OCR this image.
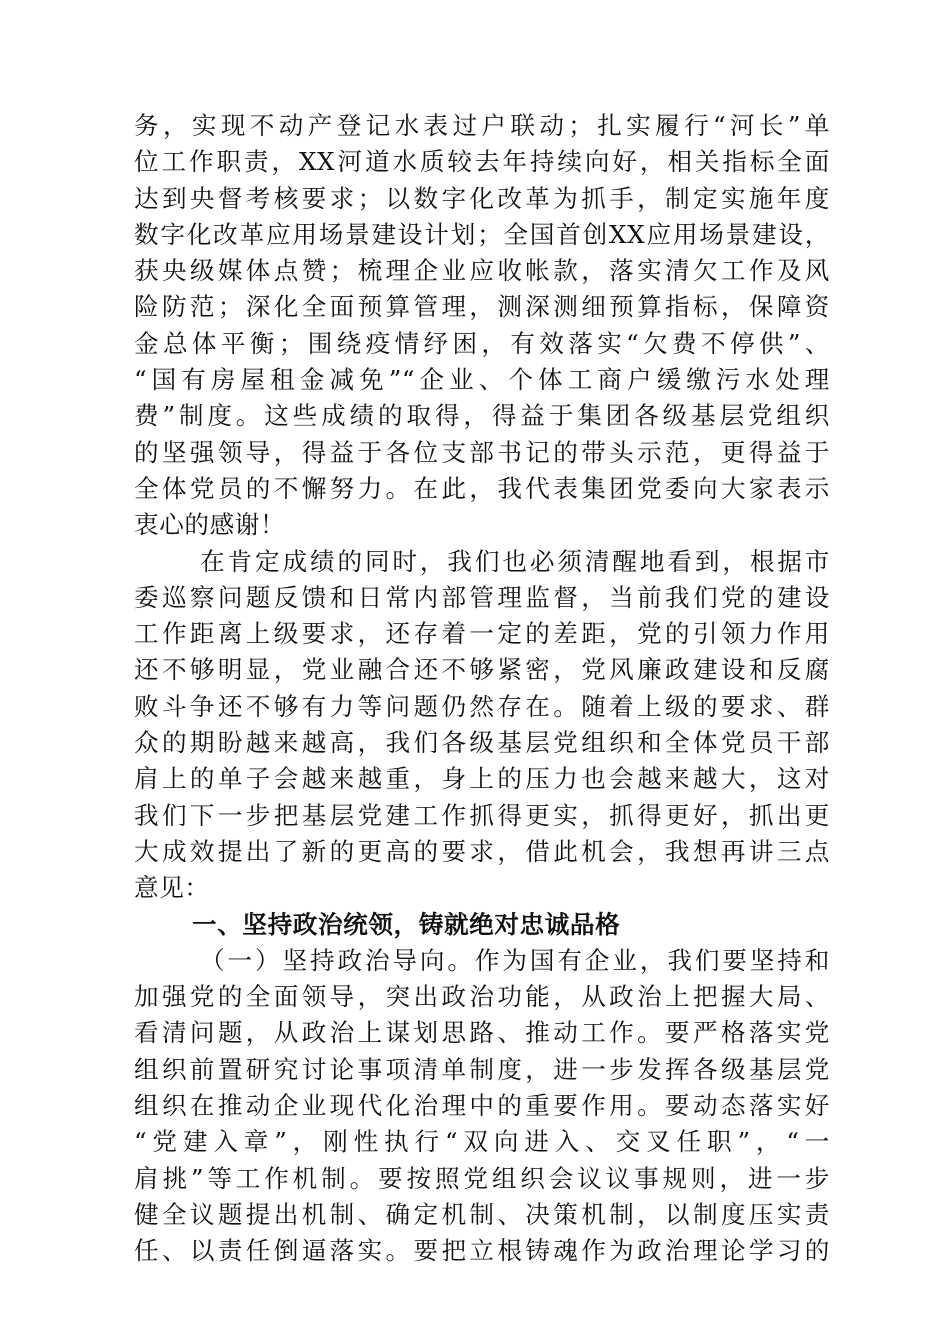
务，实现不动产登记水表过户联动；扎实履行“河长”单
位工作职责，XX河道水质较去年持续向好，相关指标全面
达到央督考核要求；以数字化改革为抓手，制定实施年度
数字化改革应用场景建设计划；全国首创XX应用场景建设，
获央级媒体点赞；梳理企业应收帐款，落实清欠工作及风
险防范；深化全面预算管理，测深测细预算指标，保障资
金总体平衡；围绕疫情纾困，有效落实“欠费不停供”、
“国有房屋租金减免”“企业、个体工商户缓缴污水处理
费”制度。这些成绩的取得，得益于集团各级基层党组织
的坚强领导，得益于各位支部书记的带头示范，更得益于
全体党员的不懈努力。在此，我代表集团党委向大家表示
衷心的感谢！
在肯定成绩的同时，我们也必须清醒地看到，根据市
委巡察问题反馈和日常内部管理监督，当前我们党的建设
工作距离上级要求，还存着一定的差距，党的引领力作用
还不够明显，党业融合还不够紧密，党风廉政建设和反腐
败斗争还不够有力等问题仍然存在。随着上级的要求、群
众的期盼越来越高，我们各级基层党组织和全体党员干部
肩上的单子会越来越重，身上的压力也会越来越大，这对
我们下一步把基层党建工作抓得更实，抓得更好，抓出更
大成效提出了新的更高的要求，借此机会，我想再讲三点
意见：
一、坚持政治统领，铸就绝对忠诚品格
（一）坚持政治导向。作为国有企业，我们要坚持和
加强党的全面领导，突出政治功能，从政治上把握大局、
看清问题，从政治上谋划思路、推动工作。要严格落实党
组织前置研究讨论事项清单制度，进一步发挥各级基层党
组织在推动企业现代化治理中的重要作用。要动态落实好
“党建入章”，刚性执行“双向进入、交叉任职”，“一
肩挑”等工作机制。要按照党组织会议议事规则，进一步
健全议题提出机制、确定机制、决策机制，以制度压实责
任、以责任倒逼落实。要把立根铸魂作为政治理论学习的
